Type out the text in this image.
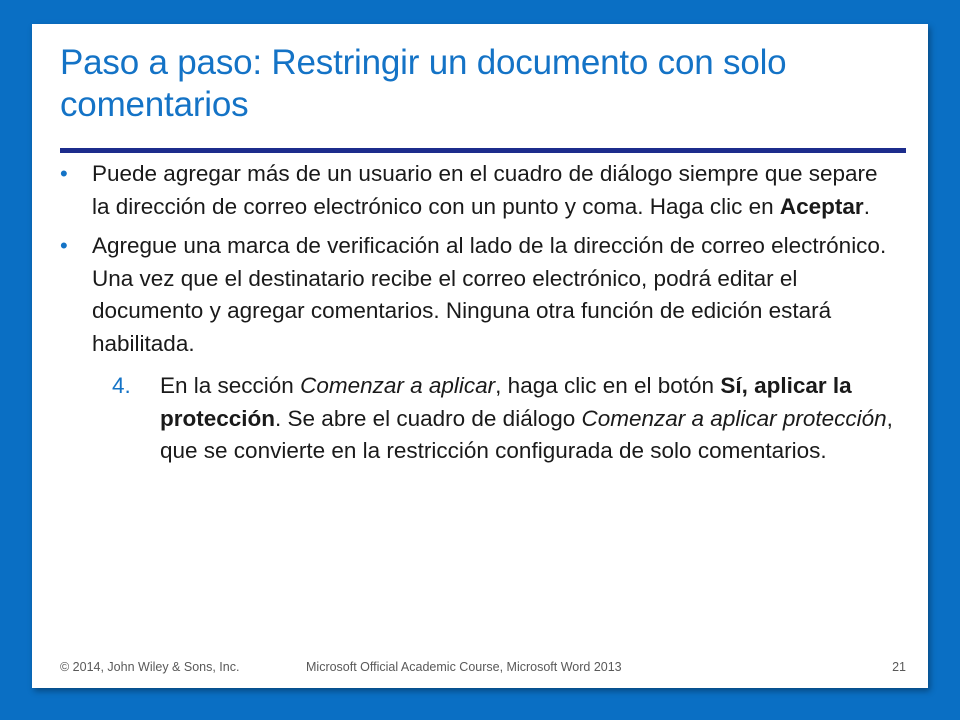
Paso a paso: Restringir un documento con solo comentarios
• Puede agregar más de un usuario en el cuadro de diálogo siempre que separe la dirección de correo electrónico con un punto y coma. Haga clic en Aceptar.
• Agregue una marca de verificación al lado de la dirección de correo electrónico. Una vez que el destinatario recibe el correo electrónico, podrá editar el documento y agregar comentarios. Ninguna otra función de edición estará habilitada.
4. En la sección Comenzar a aplicar, haga clic en el botón Sí, aplicar la protección. Se abre el cuadro de diálogo Comenzar a aplicar protección, que se convierte en la restricción configurada de solo comentarios.
© 2014, John Wiley & Sons, Inc.	Microsoft Official Academic Course, Microsoft Word 2013	21
